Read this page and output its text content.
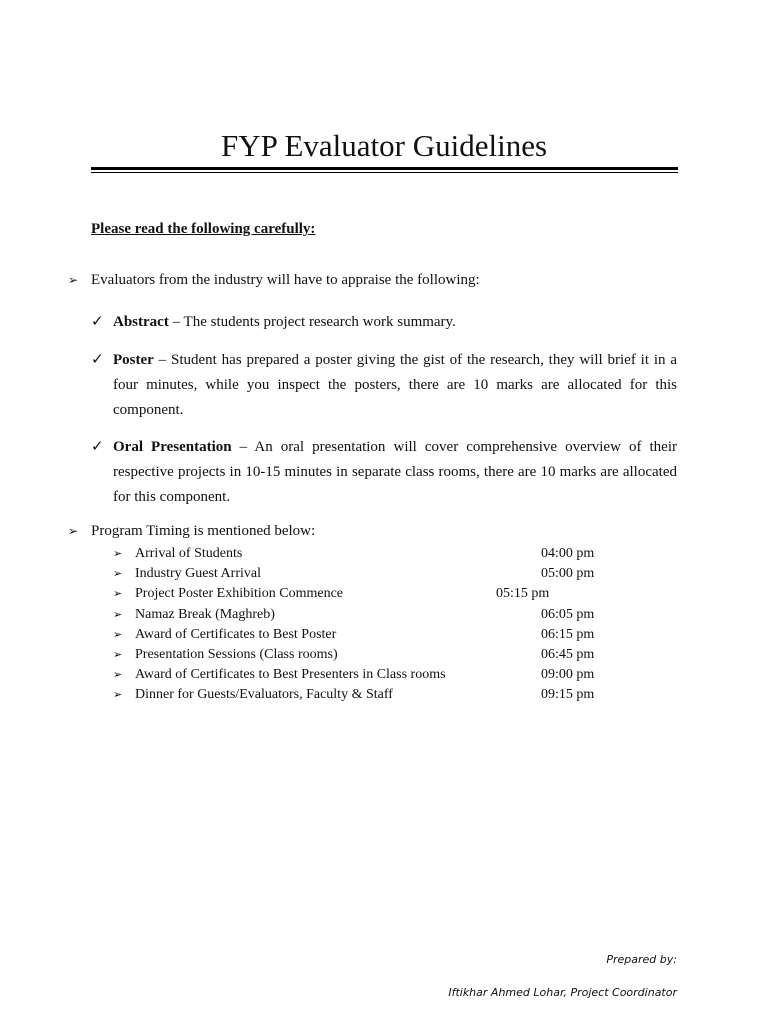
FYP Evaluator Guidelines
Please read the following carefully:
➢ Evaluators from the industry will have to appraise the following:
✓ Abstract – The students project research work summary.
✓ Poster – Student has prepared a poster giving the gist of the research, they will brief it in a four minutes, while you inspect the posters, there are 10 marks are allocated for this component.
✓ Oral Presentation – An oral presentation will cover comprehensive overview of their respective projects in 10-15 minutes in separate class rooms, there are 10 marks are allocated for this component.
➢ Program Timing is mentioned below:
➢ Arrival of Students	04:00 pm
➢ Industry Guest Arrival	05:00 pm
➢ Project Poster Exhibition Commence	05:15 pm
➢ Namaz Break (Maghreb)	06:05 pm
➢ Award of Certificates to Best Poster	06:15 pm
➢ Presentation Sessions (Class rooms)	06:45 pm
➢ Award of Certificates to Best Presenters in Class rooms	09:00 pm
➢ Dinner for Guests/Evaluators, Faculty & Staff	09:15 pm
Prepared by:
Iftikhar Ahmed Lohar, Project Coordinator
